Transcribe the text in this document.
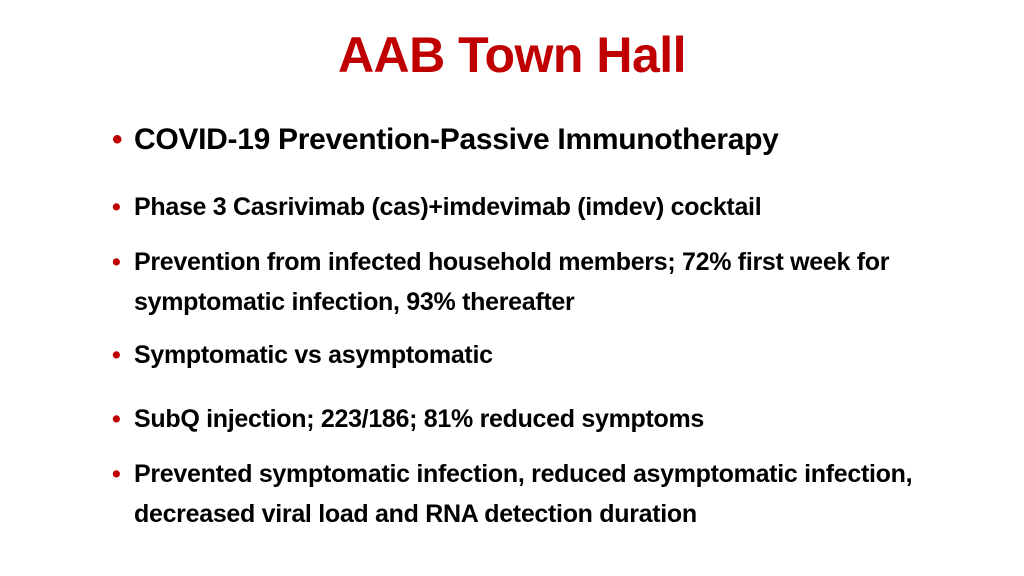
AAB Town Hall
• COVID-19 Prevention-Passive Immunotherapy
• Phase 3 Casrivimab (cas)+imdevimab (imdev) cocktail
• Prevention from infected household members; 72% first week for symptomatic infection, 93% thereafter
• Symptomatic vs asymptomatic
• SubQ injection; 223/186; 81% reduced symptoms
• Prevented symptomatic infection, reduced asymptomatic infection, decreased viral load and RNA detection duration
